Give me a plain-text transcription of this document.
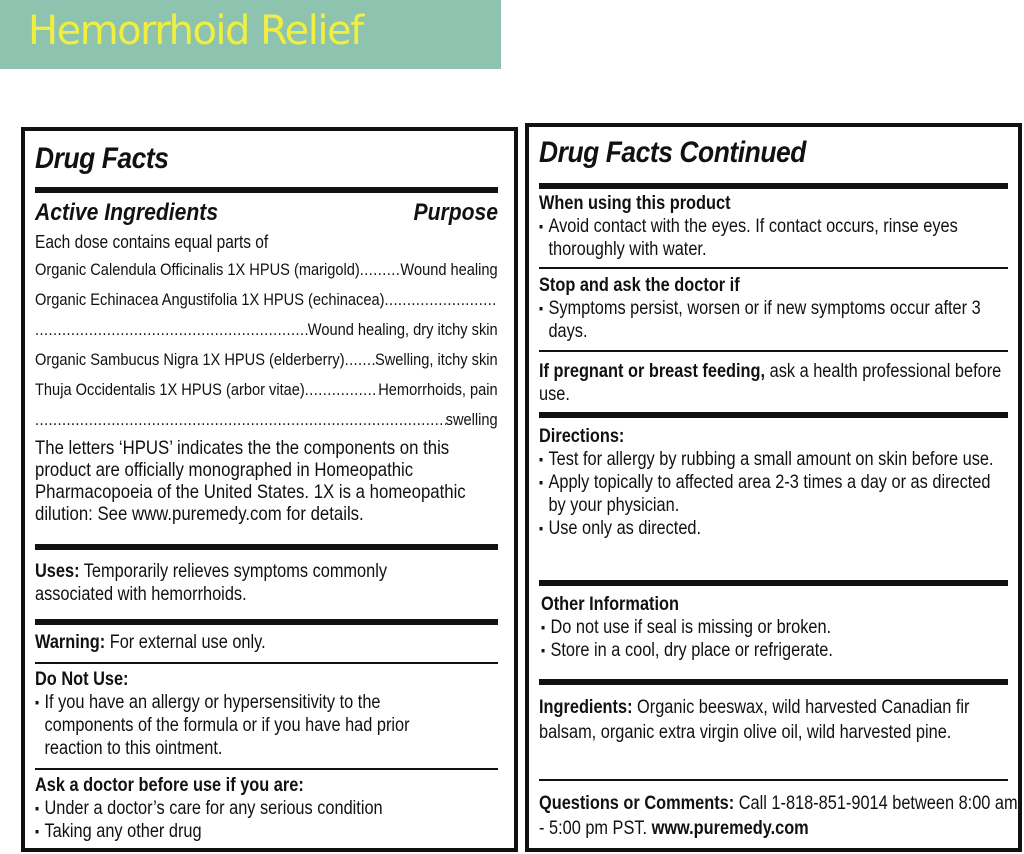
Hemorrhoid Relief
Drug Facts
Active Ingredients	Purpose
Each dose contains equal parts of
Organic Calendula Officinalis 1X HPUS (marigold) ..... Wound healing
Organic Echinacea Angustifolia 1X HPUS (echinacea)
.....
.....
Wound healing, dry itchy skin
Organic Sambucus Nigra 1X HPUS (elderberry) ..... Swelling, itchy skin
Thuja Occidentalis 1X HPUS (arbor vitae) .....	Hemorrhoids, pain
.....
swelling
The letters ‘HPUS’ indicates the the components on this product are officially monographed in Homeopathic Pharmacopoeia of the United States. 1X is a homeopathic dilution: See www.puremedy.com for details.
Uses: Temporarily relieves symptoms commonly associated with hemorrhoids.
Warning: For external use only.
Do Not Use:
▪ If you have an allergy or hypersensitivity to the components of the formula or if you have had prior reaction to this ointment.
Ask a doctor before use if you are:
▪ Under a doctor’s care for any serious condition
▪ Taking any other drug
Drug Facts Continued
When using this product
▪ Avoid contact with the eyes. If contact occurs, rinse eyes thoroughly with water.
Stop and ask the doctor if
▪ Symptoms persist, worsen or if new symptoms occur after 3 days.
If pregnant or breast feeding, ask a health professional before use.
Directions:
▪ Test for allergy by rubbing a small amount on skin before use.
▪ Apply topically to affected area 2-3 times a day or as directed by your physician.
▪ Use only as directed.
Other Information
▪ Do not use if seal is missing or broken.
▪ Store in a cool, dry place or refrigerate.
Ingredients: Organic beeswax, wild harvested Canadian fir balsam, organic extra virgin olive oil, wild harvested pine.
Questions or Comments: Call 1-818-851-9014 between 8:00 am - 5:00 pm PST. www.puremedy.com
